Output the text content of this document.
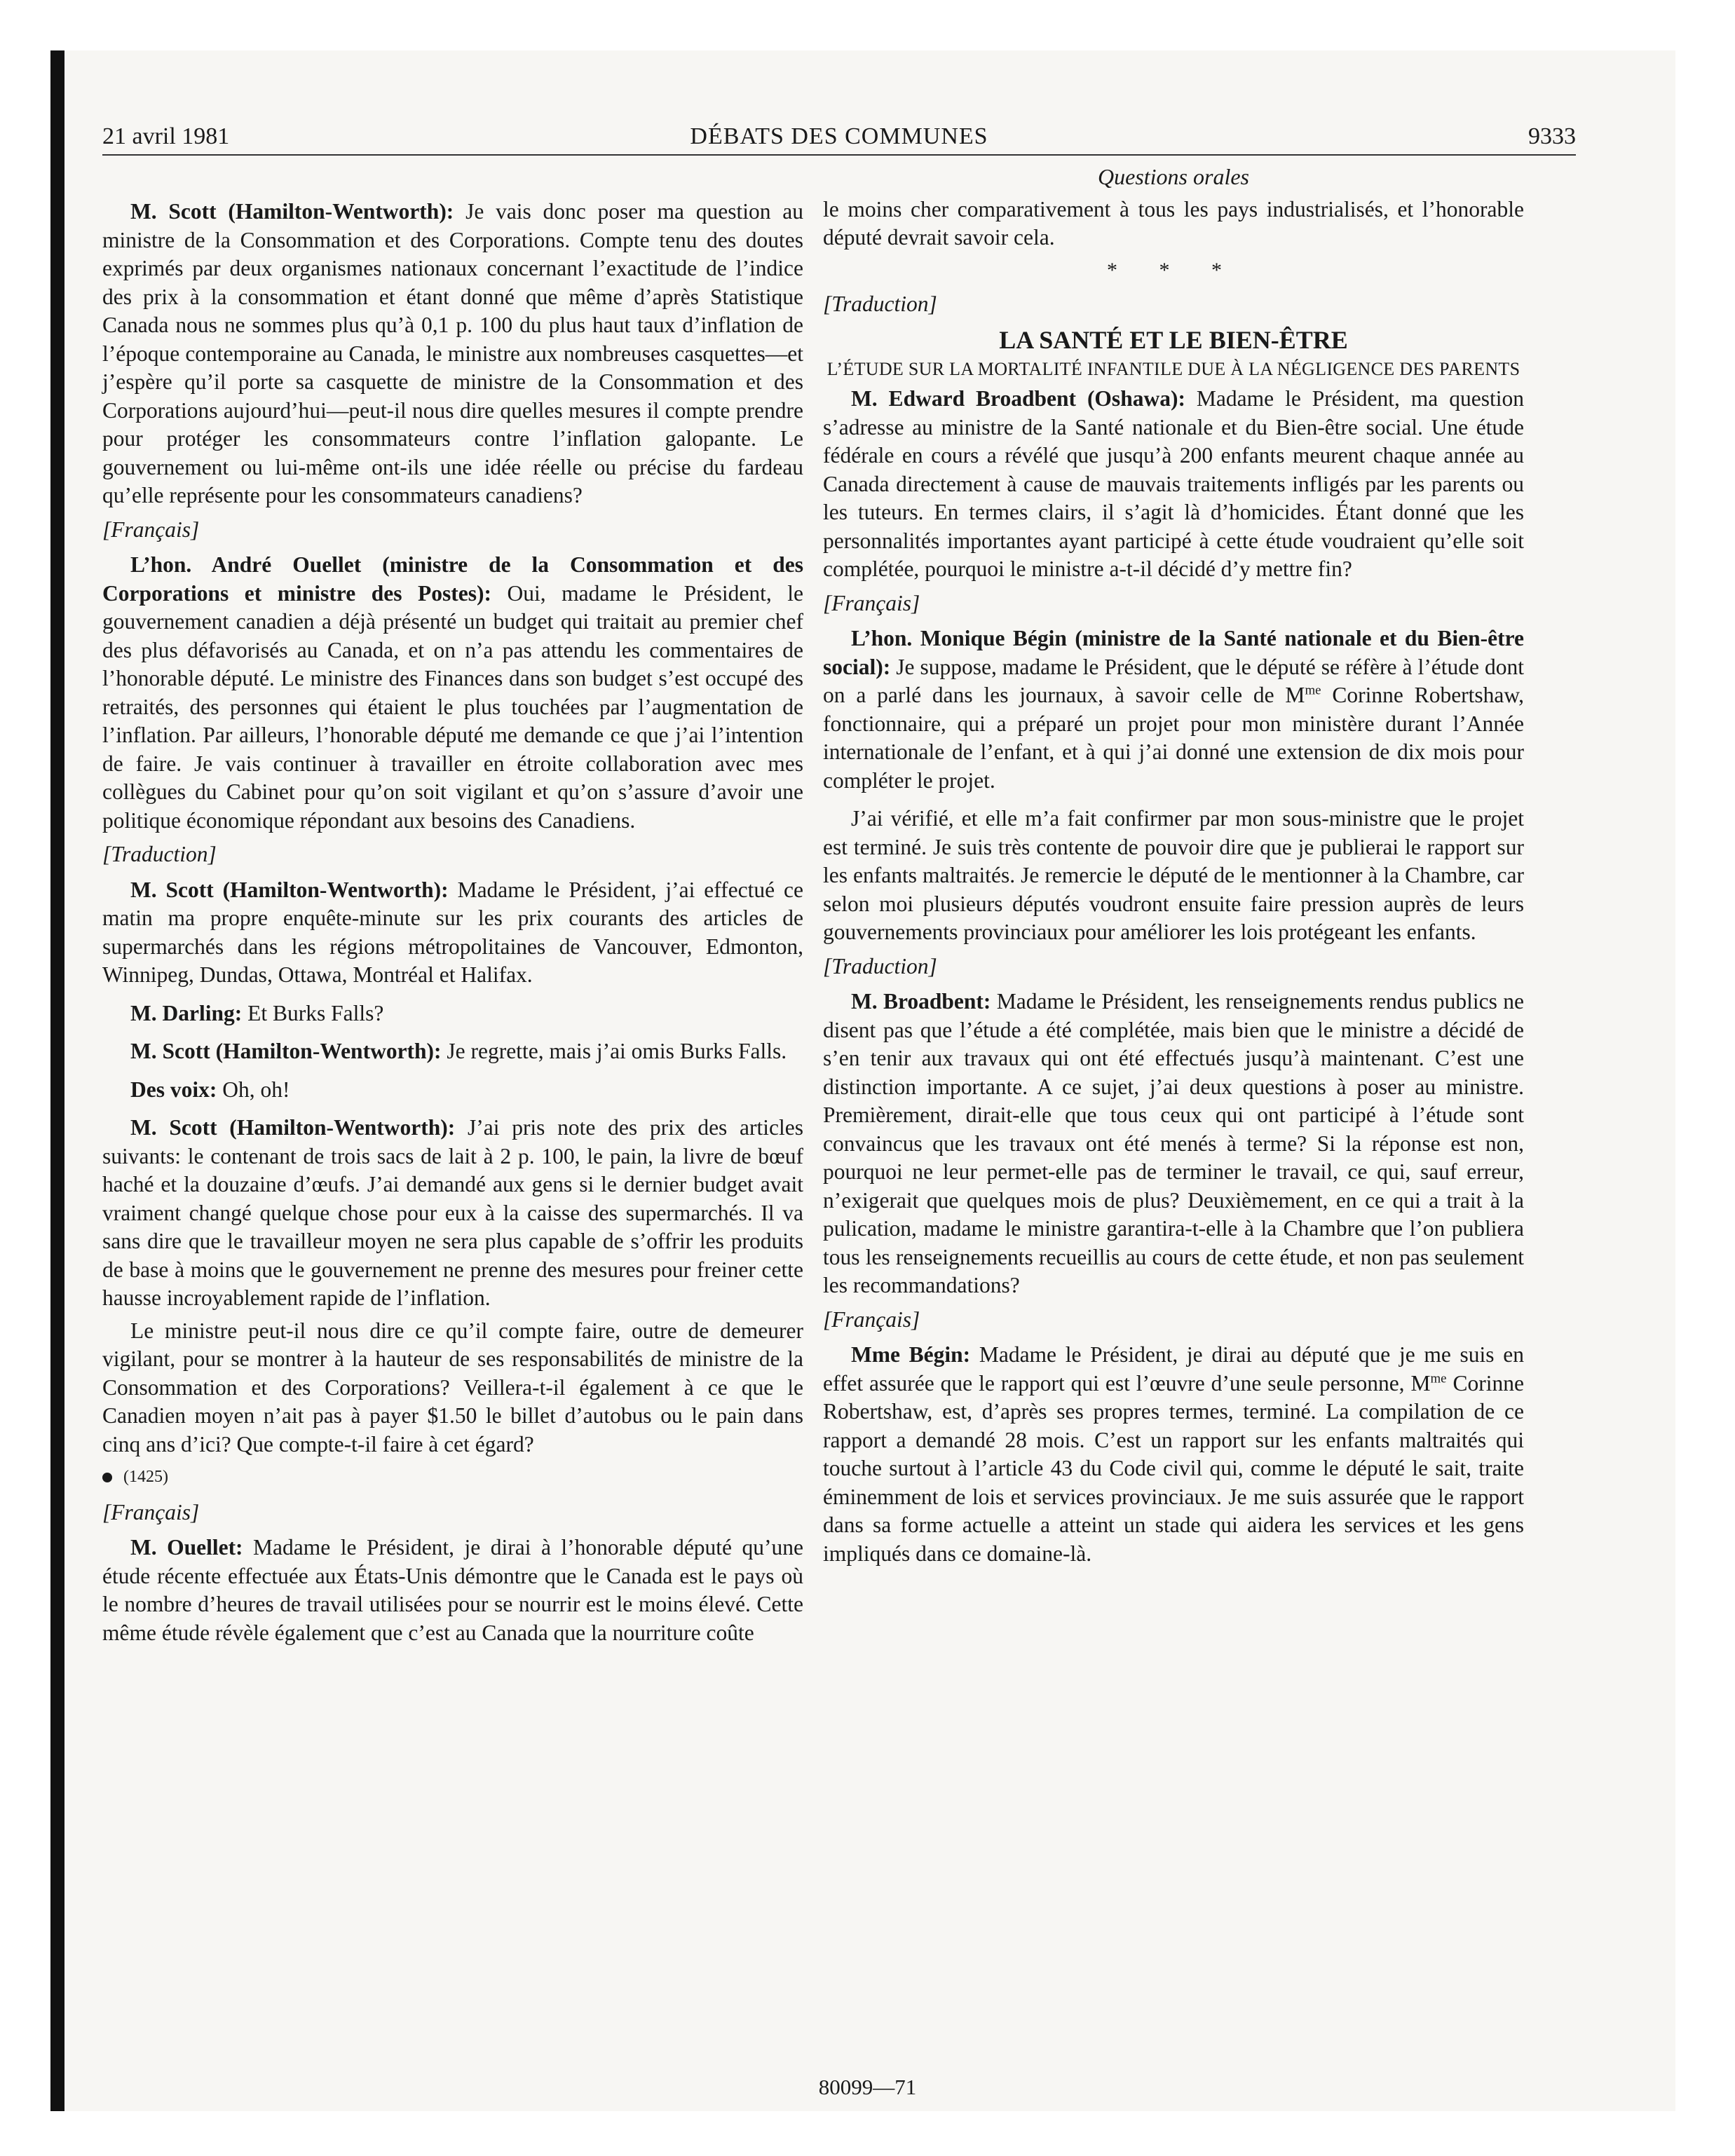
21 avril 1981	DÉBATS DES COMMUNES	9333

M. Scott (Hamilton-Wentworth): Je vais donc poser ma question au ministre de la Consommation et des Corporations. Compte tenu des doutes exprimés par deux organismes nationaux concernant l’exactitude de l’indice des prix à la consommation et étant donné que même d’après Statistique Canada nous ne sommes plus qu’à 0,1 p. 100 du plus haut taux d’inflation de l’époque contemporaine au Canada, le ministre aux nombreuses casquettes—et j’espère qu’il porte sa casquette de ministre de la Consommation et des Corporations aujourd’hui—peut-il nous dire quelles mesures il compte prendre pour protéger les consommateurs contre l’inflation galopante. Le gouvernement ou lui-même ont-ils une idée réelle ou précise du fardeau qu’elle représente pour les consommateurs canadiens?

[Français]

L’hon. André Ouellet (ministre de la Consommation et des Corporations et ministre des Postes): Oui, madame le Président, le gouvernement canadien a déjà présenté un budget qui traitait au premier chef des plus défavorisés au Canada, et on n’a pas attendu les commentaires de l’honorable député. Le ministre des Finances dans son budget s’est occupé des retraités, des personnes qui étaient le plus touchées par l’augmentation de l’inflation. Par ailleurs, l’honorable député me demande ce que j’ai l’intention de faire. Je vais continuer à travailler en étroite collaboration avec mes collègues du Cabinet pour qu’on soit vigilant et qu’on s’assure d’avoir une politique économique répondant aux besoins des Canadiens.

[Traduction]

M. Scott (Hamilton-Wentworth): Madame le Président, j’ai effectué ce matin ma propre enquête-minute sur les prix courants des articles de supermarchés dans les régions métropolitaines de Vancouver, Edmonton, Winnipeg, Dundas, Ottawa, Montréal et Halifax.

M. Darling: Et Burks Falls?

M. Scott (Hamilton-Wentworth): Je regrette, mais j’ai omis Burks Falls.

Des voix: Oh, oh!

M. Scott (Hamilton-Wentworth): J’ai pris note des prix des articles suivants: le contenant de trois sacs de lait à 2 p. 100, le pain, la livre de bœuf haché et la douzaine d’œufs. J’ai demandé aux gens si le dernier budget avait vraiment changé quelque chose pour eux à la caisse des supermarchés. Il va sans dire que le travailleur moyen ne sera plus capable de s’offrir les produits de base à moins que le gouvernement ne prenne des mesures pour freiner cette hausse incroyablement rapide de l’inflation.

Le ministre peut-il nous dire ce qu’il compte faire, outre de demeurer vigilant, pour se montrer à la hauteur de ses responsabilités de ministre de la Consommation et des Corporations? Veillera-t-il également à ce que le Canadien moyen n’ait pas à payer $1.50 le billet d’autobus ou le pain dans cinq ans d’ici? Que compte-t-il faire à cet égard?

(1425)

[Français]

M. Ouellet: Madame le Président, je dirai à l’honorable député qu’une étude récente effectuée aux États-Unis démontre que le Canada est le pays où le nombre d’heures de travail utilisées pour se nourrir est le moins élevé. Cette même étude révèle également que c’est au Canada que la nourriture coûte

Questions orales

le moins cher comparativement à tous les pays industrialisés, et l’honorable député devrait savoir cela.

* * *

[Traduction]

LA SANTÉ ET LE BIEN-ÊTRE

L’ÉTUDE SUR LA MORTALITÉ INFANTILE DUE À LA NÉGLIGENCE DES PARENTS

M. Edward Broadbent (Oshawa): Madame le Président, ma question s’adresse au ministre de la Santé nationale et du Bien-être social. Une étude fédérale en cours a révélé que jusqu’à 200 enfants meurent chaque année au Canada directement à cause de mauvais traitements infligés par les parents ou les tuteurs. En termes clairs, il s’agit là d’homicides. Étant donné que les personnalités importantes ayant participé à cette étude voudraient qu’elle soit complétée, pourquoi le ministre a-t-il décidé d’y mettre fin?

[Français]

L’hon. Monique Bégin (ministre de la Santé nationale et du Bien-être social): Je suppose, madame le Président, que le député se réfère à l’étude dont on a parlé dans les journaux, à savoir celle de $M^{me}$ Corinne Robertshaw, fonctionnaire, qui a préparé un projet pour mon ministère durant l’Année internationale de l’enfant, et à qui j’ai donné une extension de dix mois pour compléter le projet.

J’ai vérifié, et elle m’a fait confirmer par mon sous-ministre que le projet est terminé. Je suis très contente de pouvoir dire que je publierai le rapport sur les enfants maltraités. Je remercie le député de le mentionner à la Chambre, car selon moi plusieurs députés voudront ensuite faire pression auprès de leurs gouvernements provinciaux pour améliorer les lois protégeant les enfants.

[Traduction]

M. Broadbent: Madame le Président, les renseignements rendus publics ne disent pas que l’étude a été complétée, mais bien que le ministre a décidé de s’en tenir aux travaux qui ont été effectués jusqu’à maintenant. C’est une distinction importante. A ce sujet, j’ai deux questions à poser au ministre. Premièrement, dirait-elle que tous ceux qui ont participé à l’étude sont convaincus que les travaux ont été menés à terme? Si la réponse est non, pourquoi ne leur permet-elle pas de terminer le travail, ce qui, sauf erreur, n’exigerait que quelques mois de plus? Deuxièmement, en ce qui a trait à la pulication, madame le ministre garantira-t-elle à la Chambre que l’on publiera tous les renseignements recueillis au cours de cette étude, et non pas seulement les recommandations?

[Français]

Mme Bégin: Madame le Président, je dirai au député que je me suis en effet assurée que le rapport qui est l’œuvre d’une seule personne, $M^{me}$ Corinne Robertshaw, est, d’après ses propres termes, terminé. La compilation de ce rapport a demandé 28 mois. C’est un rapport sur les enfants maltraités qui touche surtout à l’article 43 du Code civil qui, comme le député le sait, traite éminemment de lois et services provinciaux. Je me suis assurée que le rapport dans sa forme actuelle a atteint un stade qui aidera les services et les gens impliqués dans ce domaine-là.

80099—71
